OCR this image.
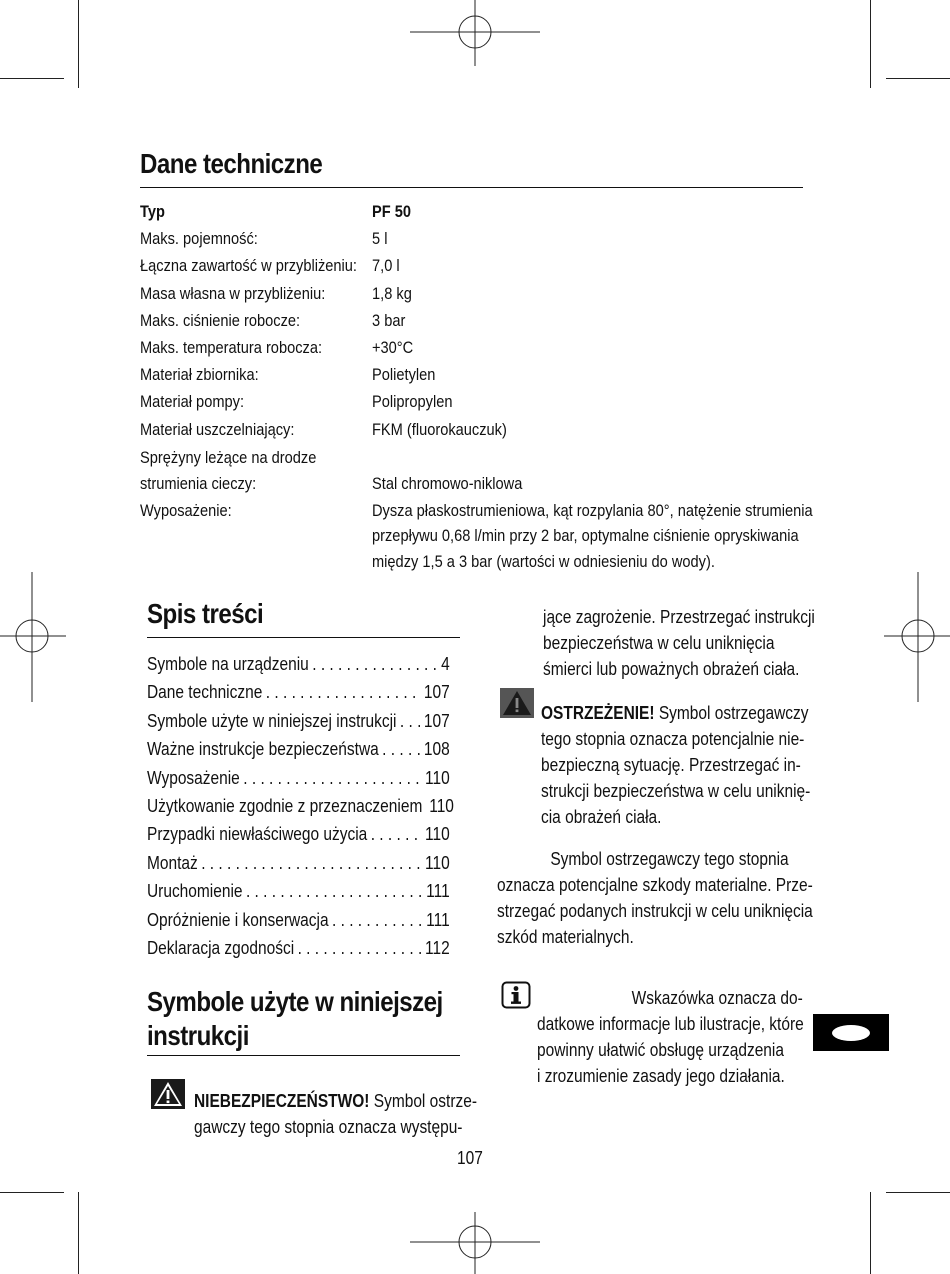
Dane techniczne
Typ	PF 50
Maks. pojemność:	5 l
Łączna zawartość w przybliżeniu: 7,0 l
Masa własna w przybliżeniu:	1,8 kg
Maks. ciśnienie robocze:	3 bar
Maks. temperatura robocza:	+30°C
Materiał zbiornika:	Polietylen
Materiał pompy:	Polipropylen
Materiał uszczelniający:	FKM (fluorokauczuk)
Sprężyny leżące na drodze
strumienia cieczy:	Stal chromowo-niklowa
Wyposażenie:	Dysza płaskostrumieniowa, kąt rozpylania 80°, natężenie strumienia
przepływu 0,68 l/min przy 2 bar, optymalne ciśnienie opryskiwania
między 1,5 a 3 bar (wartości w odniesieniu do wody).
Spis treści
Symbole na urządzeniu . . .	4
Dane techniczne . . .	107
Symbole użyte w niniejszej instrukcji . . . 107
Ważne instrukcje bezpieczeństwa . . .	108
Wyposażenie . . .	110
Użytkowanie zgodnie z przeznaczeniem 110
Przypadki niewłaściwego użycia . . .	110
Montaż . . .	110
Uruchomienie . . .	111
Opróżnienie i konserwacja . . .	111
Deklaracja zgodności . . .	112
Symbole użyte w niniejszej
instrukcji
NIEBEZPIECZEŃSTWO! Symbol ostrze-
gawczy tego stopnia oznacza występu-
jące zagrożenie. Przestrzegać instrukcji
bezpieczeństwa w celu uniknięcia
śmierci lub poważnych obrażeń ciała.
OSTRZEŻENIE! Symbol ostrzegawczy
tego stopnia oznacza potencjalnie nie-
bezpieczną sytuację. Przestrzegać in-
strukcji bezpieczeństwa w celu uniknię-
cia obrażeń ciała.
Symbol ostrzegawczy tego stopnia
oznacza potencjalne szkody materialne. Prze-
strzegać podanych instrukcji w celu uniknięcia
szkód materialnych.
Wskazówka oznacza do-
datkowe informacje lub ilustracje, które
powinny ułatwić obsługę urządzenia
i zrozumienie zasady jego działania.
107
